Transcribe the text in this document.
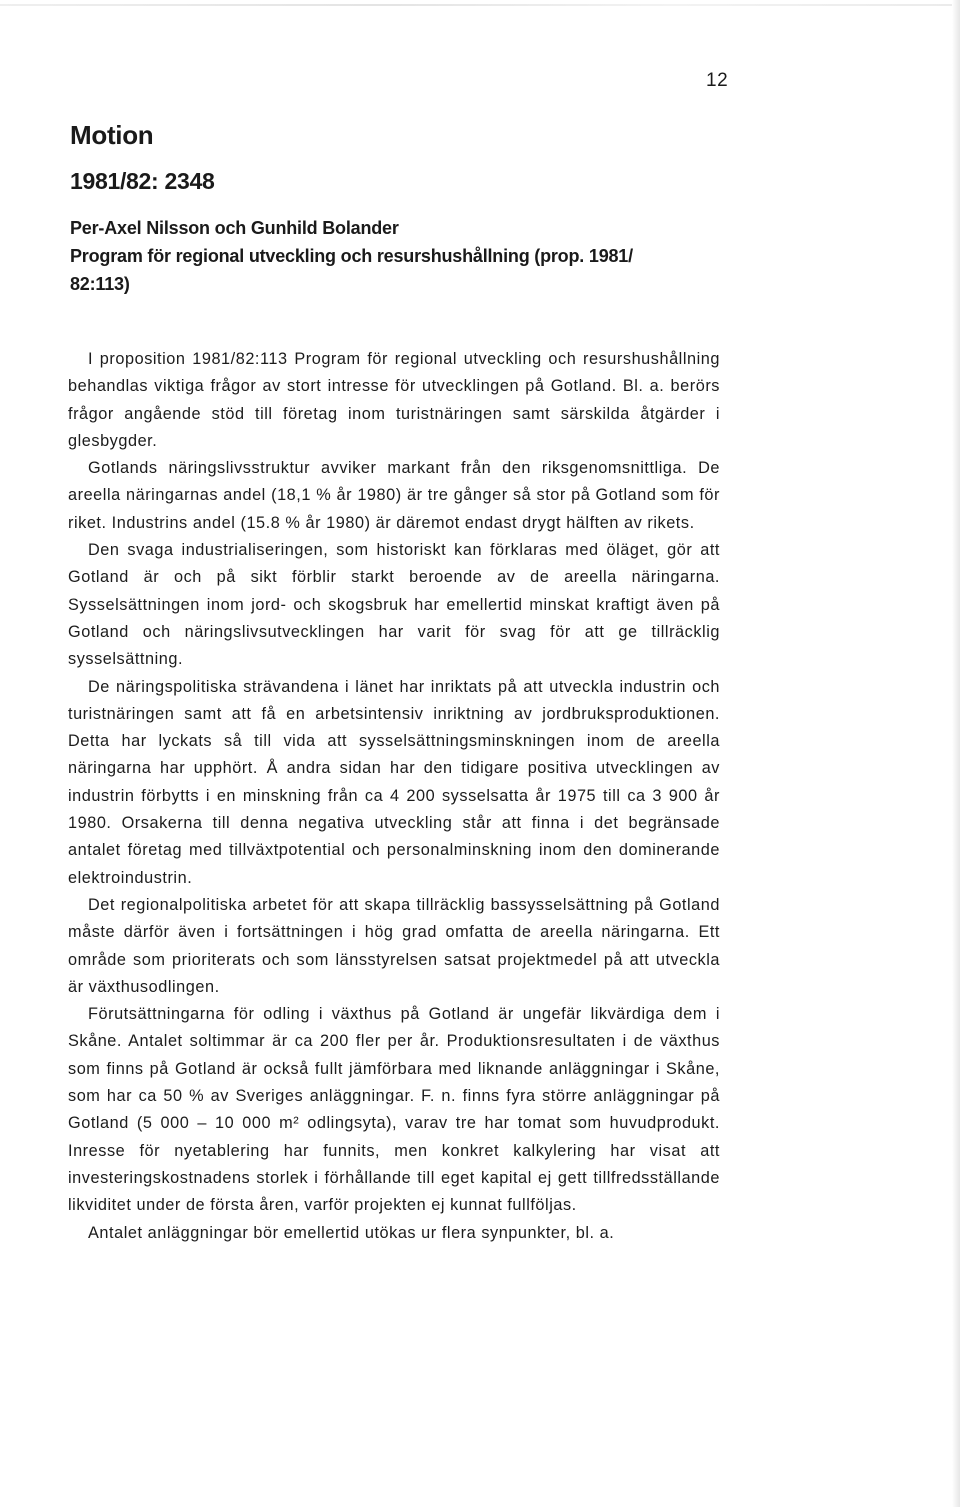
12
Motion
1981/82: 2348
Per-Axel Nilsson och Gunhild Bolander
Program för regional utveckling och resurshushållning (prop. 1981/
82:113)

I proposition 1981/82:113 Program för regional utveckling och resurshushållning behandlas viktiga frågor av stort intresse för utvecklingen på Gotland. Bl. a. berörs frågor angående stöd till företag inom turistnäringen samt särskilda åtgärder i glesbygder.

Gotlands näringslivsstruktur avviker markant från den riksgenomsnittliga. De areella näringarnas andel (18,1 % år 1980) är tre gånger så stor på Gotland som för riket. Industrins andel (15.8 % år 1980) är däremot endast drygt hälften av rikets.

Den svaga industrialiseringen, som historiskt kan förklaras med öläget, gör att Gotland är och på sikt förblir starkt beroende av de areella näringarna. Sysselsättningen inom jord- och skogsbruk har emellertid minskat kraftigt även på Gotland och näringslivsutvecklingen har varit för svag för att ge tillräcklig sysselsättning.

De näringspolitiska strävandena i länet har inriktats på att utveckla industrin och turistnäringen samt att få en arbetsintensiv inriktning av jordbruksproduktionen. Detta har lyckats så till vida att sysselsättningsminskningen inom de areella näringarna har upphört. Å andra sidan har den tidigare positiva utvecklingen av industrin förbytts i en minskning från ca 4 200 sysselsatta år 1975 till ca 3 900 år 1980. Orsakerna till denna negativa utveckling står att finna i det begränsade antalet företag med tillväxtpotential och personalminskning inom den dominerande elektroindustrin.

Det regionalpolitiska arbetet för att skapa tillräcklig bassysselsättning på Gotland måste därför även i fortsättningen i hög grad omfatta de areella näringarna. Ett område som prioriterats och som länsstyrelsen satsat projektmedel på att utveckla är växthusodlingen.

Förutsättningarna för odling i växthus på Gotland är ungefär likvärdiga dem i Skåne. Antalet soltimmar är ca 200 fler per år. Produktionsresultaten i de växthus som finns på Gotland är också fullt jämförbara med liknande anläggningar i Skåne, som har ca 50 % av Sveriges anläggningar. F. n. finns fyra större anläggningar på Gotland (5 000 – 10 000 m² odlingsyta), varav tre har tomat som huvudprodukt. Inresse för nyetablering har funnits, men konkret kalkylering har visat att investeringskostnadens storlek i förhållande till eget kapital ej gett tillfredsställande likviditet under de första åren, varför projekten ej kunnat fullföljas.

Antalet anläggningar bör emellertid utökas ur flera synpunkter, bl. a.
